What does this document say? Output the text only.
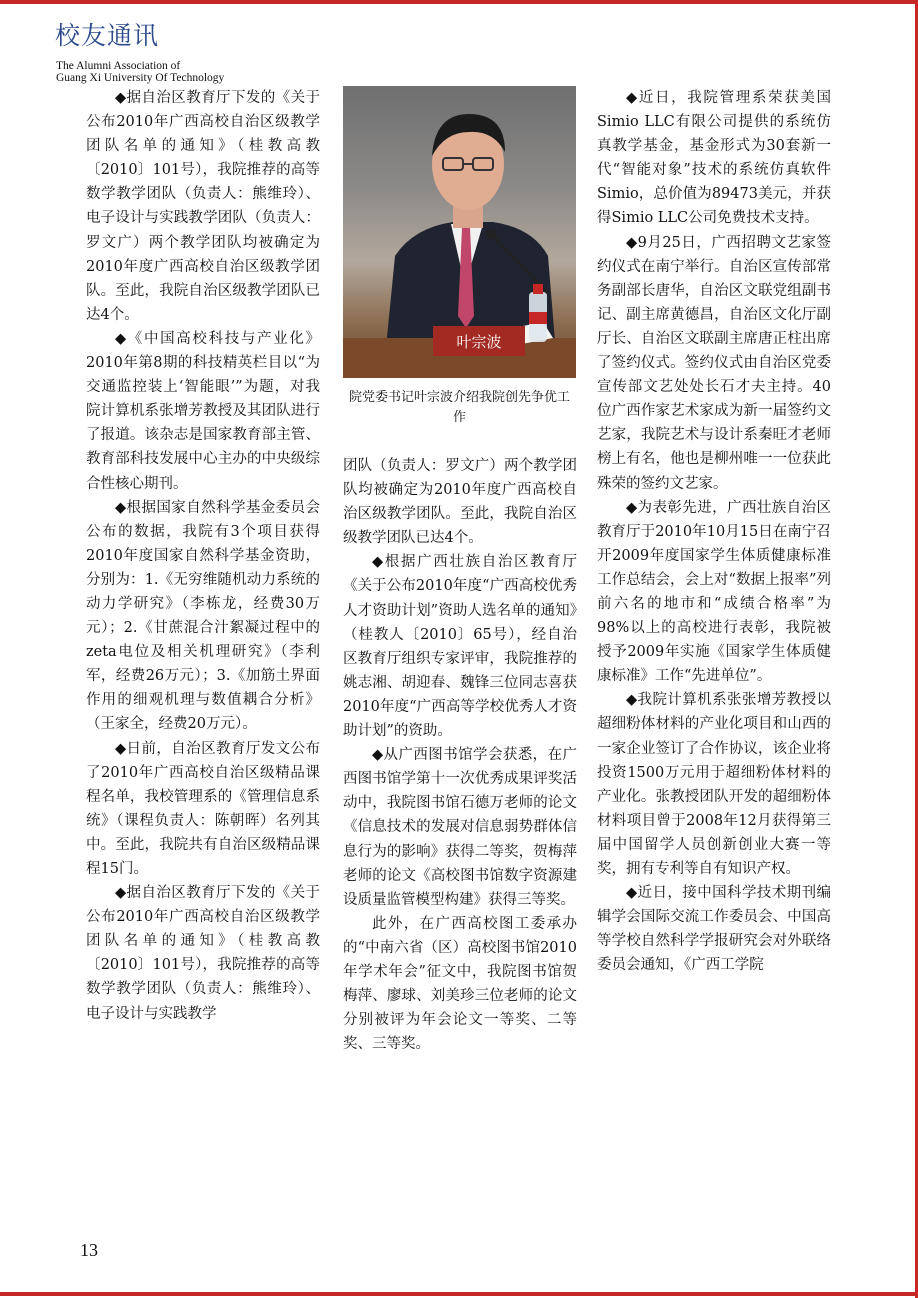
校友通讯
The Alumni Association of
Guang Xi University Of Technology

◆据自治区教育厅下发的《关于公布2010年广西高校自治区级教学团队名单的通知》（桂教高教〔2010〕101号），我院推荐的高等数学教学团队（负责人：熊维玲）、电子设计与实践教学团队（负责人：罗文广）两个教学团队均被确定为2010年度广西高校自治区级教学团队。至此，我院自治区级教学团队已达4个。

◆《中国高校科技与产业化》2010年第8期的科技精英栏目以“为交通监控装上‘智能眼’”为题，对我院计算机系张增芳教授及其团队进行了报道。该杂志是国家教育部主管、教育部科技发展中心主办的中央级综合性核心期刊。

◆根据国家自然科学基金委员会公布的数据，我院有3个项目获得2010年度国家自然科学基金资助，分别为：1.《无穷维随机动力系统的动力学研究》（李栋龙，经费30万元）；2.《甘蔗混合汁絮凝过程中的zeta电位及相关机理研究》（李利军，经费26万元）；3.《加筋土界面作用的细观机理与数值耦合分析》（王家全，经费20万元）。

◆日前，自治区教育厅发文公布了2010年广西高校自治区级精品课程名单，我校管理系的《管理信息系统》（课程负责人：陈朝晖）名列其中。至此，我院共有自治区级精品课程15门。

◆据自治区教育厅下发的《关于公布2010年广西高校自治区级教学团队名单的通知》（桂教高教〔2010〕101号），我院推荐的高等数学教学团队（负责人：熊维玲）、电子设计与实践教学

叶宗波
院党委书记叶宗波介绍我院创先争优工作

团队（负责人：罗文广）两个教学团队均被确定为2010年度广西高校自治区级教学团队。至此，我院自治区级教学团队已达4个。

◆根据广西壮族自治区教育厅《关于公布2010年度“广西高校优秀人才资助计划”资助人选名单的通知》（桂教人〔2010〕65号），经自治区教育厅组织专家评审，我院推荐的姚志湘、胡迎春、魏锋三位同志喜获2010年度“广西高等学校优秀人才资助计划”的资助。

◆从广西图书馆学会获悉，在广西图书馆学第十一次优秀成果评奖活动中，我院图书馆石德万老师的论文《信息技术的发展对信息弱势群体信息行为的影响》获得二等奖，贺梅萍老师的论文《高校图书馆数字资源建设质量监管模型构建》获得三等奖。

此外，在广西高校图工委承办的“中南六省（区）高校图书馆2010年学术年会”征文中，我院图书馆贺梅萍、廖球、刘美珍三位老师的论文分别被评为年会论文一等奖、二等奖、三等奖。

◆近日，我院管理系荣获美国Simio LLC有限公司提供的系统仿真教学基金，基金形式为30套新一代“智能对象”技术的系统仿真软件Simio，总价值为89473美元，并获得Simio LLC公司免费技术支持。

◆9月25日，广西招聘文艺家签约仪式在南宁举行。自治区宣传部常务副部长唐华，自治区文联党组副书记、副主席黄德昌，自治区文化厅副厅长、自治区文联副主席唐正柱出席了签约仪式。签约仪式由自治区党委宣传部文艺处处长石才夫主持。40位广西作家艺术家成为新一届签约文艺家，我院艺术与设计系秦旺才老师榜上有名，他也是柳州唯一一位获此殊荣的签约文艺家。

◆为表彰先进，广西壮族自治区教育厅于2010年10月15日在南宁召开2009年度国家学生体质健康标准工作总结会，会上对“数据上报率”列前六名的地市和“成绩合格率”为98%以上的高校进行表彰，我院被授予2009年实施《国家学生体质健康标准》工作“先进单位”。

◆我院计算机系张张增芳教授以超细粉体材料的产业化项目和山西的一家企业签订了合作协议，该企业将投资1500万元用于超细粉体材料的产业化。张教授团队开发的超细粉体材料项目曾于2008年12月获得第三届中国留学人员创新创业大赛一等奖，拥有专利等自有知识产权。

◆近日，接中国科学技术期刊编辑学会国际交流工作委员会、中国高等学校自然科学学报研究会对外联络委员会通知，《广西工学院

13
